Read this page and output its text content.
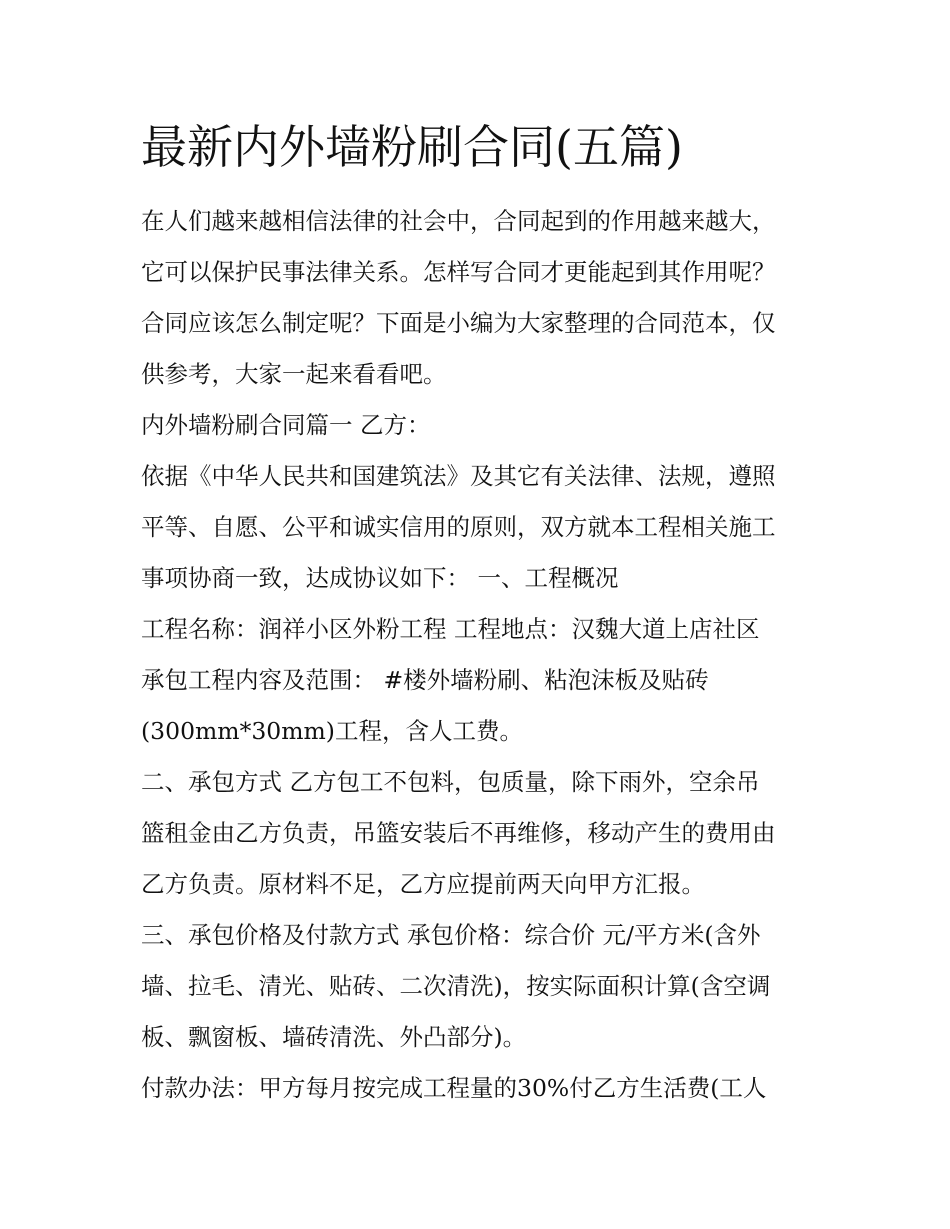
最新内外墙粉刷合同(五篇)
在人们越来越相信法律的社会中，合同起到的作用越来越大，
它可以保护民事法律关系。怎样写合同才更能起到其作用呢？
合同应该怎么制定呢？下面是小编为大家整理的合同范本，仅
供参考，大家一起来看看吧。
内外墙粉刷合同篇一 乙方：
依据《中华人民共和国建筑法》及其它有关法律、法规，遵照
平等、自愿、公平和诚实信用的原则，双方就本工程相关施工
事项协商一致，达成协议如下： 一、工程概况
工程名称：润祥小区外粉工程 工程地点：汉魏大道上店社区
承包工程内容及范围： #楼外墙粉刷、粘泡沫板及贴砖
(300mm*30mm)工程，含人工费。
二、承包方式 乙方包工不包料，包质量，除下雨外，空余吊
篮租金由乙方负责，吊篮安装后不再维修，移动产生的费用由
乙方负责。原材料不足，乙方应提前两天向甲方汇报。
三、承包价格及付款方式 承包价格：综合价 元/平方米(含外
墙、拉毛、清光、贴砖、二次清洗)，按实际面积计算(含空调
板、飘窗板、墙砖清洗、外凸部分)。
付款办法：甲方每月按完成工程量的30%付乙方生活费(工人
